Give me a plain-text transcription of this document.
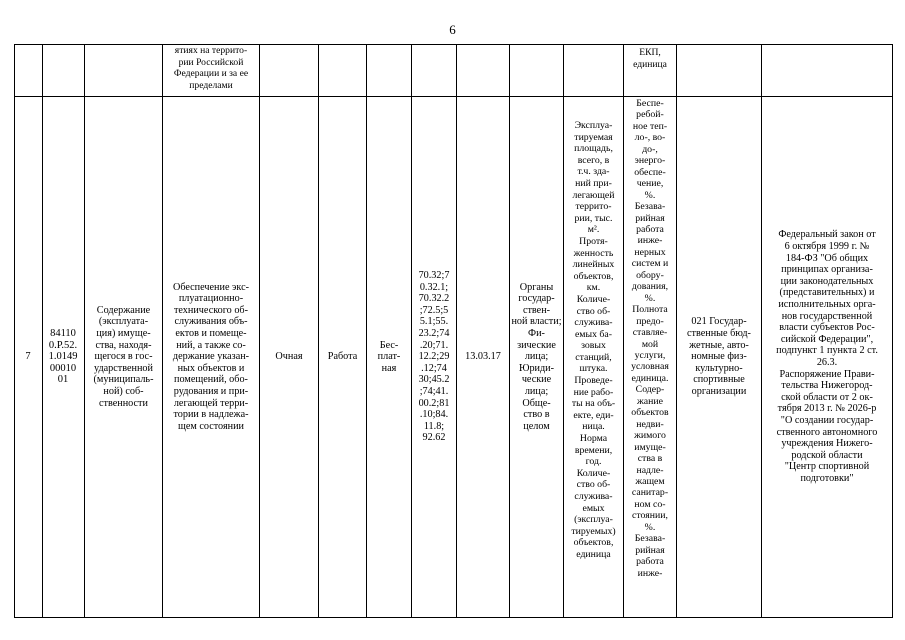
6
ятиях на террито-
рии Российской
Федерации и за ее
пределами
ЕКП,
единица
7
84110
0.Р.52.
1.0149
00010
01
Содержание
(эксплуата-
ция) имуще-
ства, находя-
щегося в гос-
ударственной
(муниципаль-
ной) соб-
ственности
Обеспечение экс-
плуатационно-
технического об-
служивания объ-
ектов и помеще-
ний, а также со-
держание указан-
ных объектов и
помещений, обо-
рудования и при-
легающей терри-
тории в надлежа-
щем состоянии
Очная	Работа
Бес-
плат-
ная
70.32;7
0.32.1;
70.32.2
;72.5;5
5.1;55.
23.2;74
.20;71.
12.2;29
.12;74
30;45.2
;74;41.
00.2;81
.10;84.
11.8;
92.62
13.03.17
Органы
государ-
ствен-
ной власти; Фи-
зические
лица;
Юриди-
ческие
лица;
Обще-
ство в
целом
Эксплуа-
тируемая
площадь,
всего, в
т.ч. зда-
ний при-
легающей
террито-
рии, тыс.
м².
Протя-
женность
линейных
объектов,
км.
Количе-
ство об-
служива-
емых ба-
зовых
станций,
штука.
Проведе-
ние рабо-
ты на объ-
екте, еди-
ница.
Норма
времени,
год.
Количе-
ство об-
служива-
емых
(эксплуа-
тируемых)
объектов,
единица
Беспе-
ребой-
ное теп-
ло-, во-
до-,
энерго-
обеспе-
чение,
%.
Безава-
рийная
работа
инже-
нерных
систем и
обору-
дования,
%.
Полнота
предо-
ставляе-
мой
услуги,
условная
единица.
Содер-
жание
объектов
недви-
жимого
имуще-
ства в
надле-
жащем
санитар-
ном со-
стоянии,
%.
Безава-
рийная
работа
инже-
021 Государ-
ственные бюд-
жетные, авто-
номные физ-
культурно-
спортивные
организации
Федеральный закон от
6 октября 1999 г. №
184-ФЗ "Об общих
принципах организа-
ции законодательных
(представительных) и
исполнительных орга-
нов государственной
власти субъектов Рос-
сийской Федерации",
подпункт 1 пункта 2 ст.
26.3.
Распоряжение Прави-
тельства Нижегород-
ской области от 2 ок-
тября 2013 г. № 2026-р
"О создании государ-
ственного автономного
учреждения Нижего-
родской области
"Центр спортивной
подготовки"
